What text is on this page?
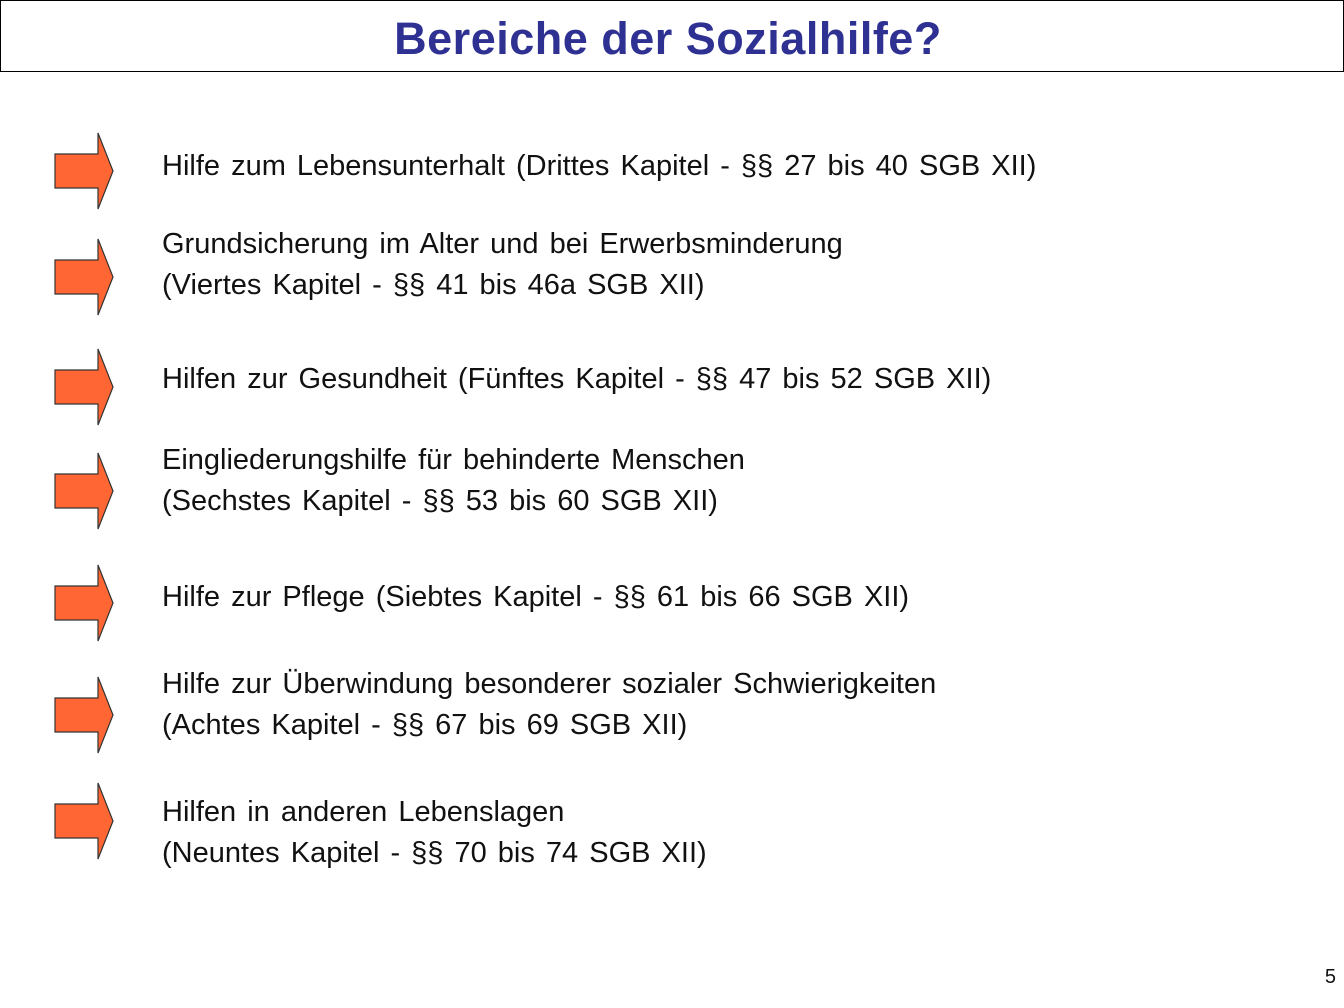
Bereiche der Sozialhilfe?
Hilfe zum Lebensunterhalt (Drittes Kapitel - §§ 27 bis 40 SGB XII)
Grundsicherung im Alter und bei Erwerbsminderung
(Viertes Kapitel - §§ 41 bis 46a SGB XII)
Hilfen zur Gesundheit (Fünftes Kapitel - §§ 47 bis 52 SGB XII)
Eingliederungshilfe für behinderte Menschen
(Sechstes Kapitel - §§ 53 bis 60 SGB XII)
Hilfe zur Pflege (Siebtes Kapitel - §§ 61 bis 66 SGB XII)
Hilfe zur Überwindung besonderer sozialer Schwierigkeiten
(Achtes Kapitel - §§ 67 bis 69 SGB XII)
Hilfen in anderen Lebenslagen
(Neuntes Kapitel - §§ 70 bis 74 SGB XII)
5
